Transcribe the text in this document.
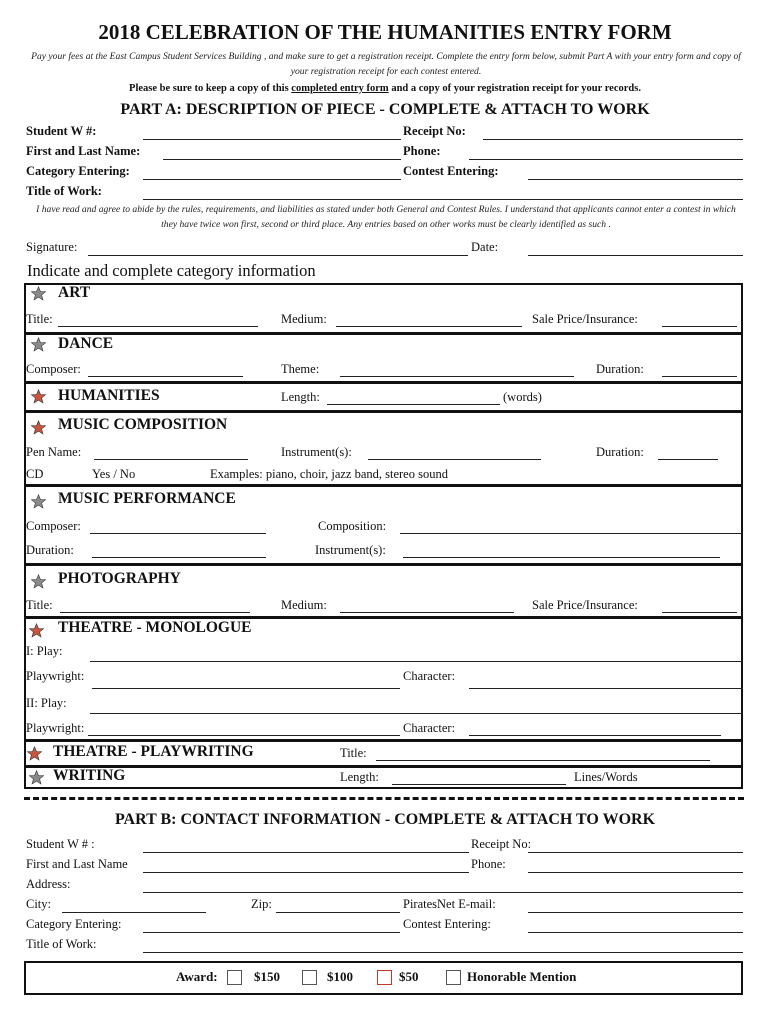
2018 CELEBRATION OF THE HUMANITIES ENTRY FORM
Pay your fees at the East Campus Student Services Building , and make sure to get a registration receipt. Complete the entry form below, submit Part A with your entry form and copy of your registration receipt for each contest entered.
Please be sure to keep a copy of this completed entry form and a copy of your registration receipt for your records.
PART A: DESCRIPTION OF PIECE - COMPLETE & ATTACH TO WORK
Student W #:	Receipt No:
First and Last Name:	Phone:
Category Entering:	Contest Entering:
Title of Work:
I have read and agree to abide by the rules, requirements, and liabilities as stated under both General and Contest Rules. I understand that applicants cannot enter a contest in which they have twice won first, second or third place. Any entries based on other works must be clearly identified as such .
Signature:	Date:
Indicate and complete category information
ART
Title:	Medium:	Sale Price/Insurance:
DANCE
Composer:	Theme:	Duration:
HUMANITIES	Length:	(words)
MUSIC COMPOSITION
Pen Name:	Instrument(s):	Duration:
CD	Yes / No	Examples: piano, choir, jazz band, stereo sound
MUSIC PERFORMANCE
Composer:	Composition:
Duration:	Instrument(s):
PHOTOGRAPHY
Title:	Medium:	Sale Price/Insurance:
THEATRE - MONOLOGUE
I: Play:
Playwright:	Character:
II: Play:
Playwright:	Character:
THEATRE - PLAYWRITING	Title:
WRITING	Length:	Lines/Words
PART B: CONTACT INFORMATION - COMPLETE & ATTACH TO WORK
Student W # :	Receipt No:
First and Last Name	Phone:
Address:
City:	Zip:	PiratesNet E-mail:
Category Entering:	Contest Entering:
Title of Work:
Award:	$150	$100	$50	Honorable Mention
